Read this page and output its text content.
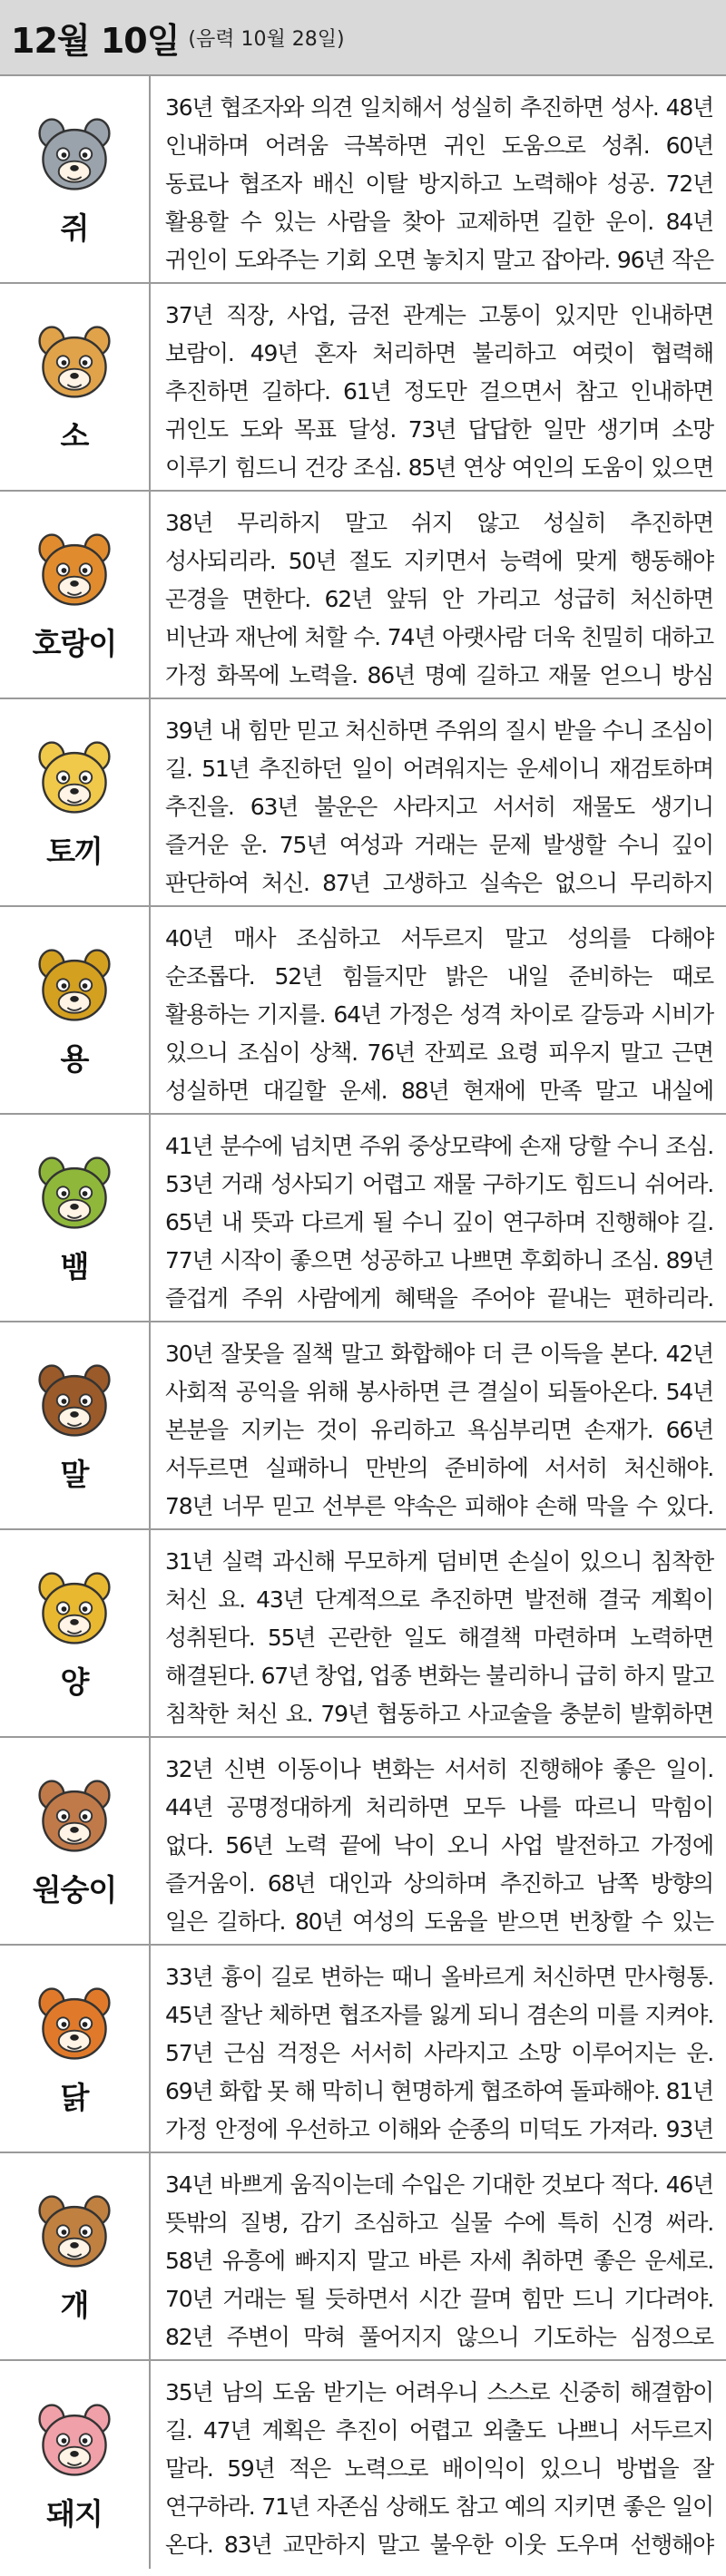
12월 10일 (음력 10월 28일)
쥐
36년 협조자와 의견 일치해서 성실히 추진하면 성사. 48년 인내하며 어려움 극복하면 귀인 도움으로 성취. 60년 동료나 협조자 배신 이탈 방지하고 노력해야 성공. 72년 활용할 수 있는 사람을 찾아 교제하면 길한 운이. 84년 귀인이 도와주는 기회 오면 놓치지 말고 잡아라. 96년 작은
소
37년 직장, 사업, 금전 관계는 고통이 있지만 인내하면 보람이. 49년 혼자 처리하면 불리하고 여럿이 협력해 추진하면 길하다. 61년 정도만 걸으면서 참고 인내하면 귀인도 도와 목표 달성. 73년 답답한 일만 생기며 소망 이루기 힘드니 건강 조심. 85년 연상 여인의 도움이 있으면
호랑이
38년 무리하지 말고 쉬지 않고 성실히 추진하면 성사되리라. 50년 절도 지키면서 능력에 맞게 행동해야 곤경을 면한다. 62년 앞뒤 안 가리고 성급히 처신하면 비난과 재난에 처할 수. 74년 아랫사람 더욱 친밀히 대하고 가정 화목에 노력을. 86년 명예 길하고 재물 얻으니 방심
토끼
39년 내 힘만 믿고 처신하면 주위의 질시 받을 수니 조심이 길. 51년 추진하던 일이 어려워지는 운세이니 재검토하며 추진을. 63년 불운은 사라지고 서서히 재물도 생기니 즐거운 운. 75년 여성과 거래는 문제 발생할 수니 깊이 판단하여 처신. 87년 고생하고 실속은 없으니 무리하지
용
40년 매사 조심하고 서두르지 말고 성의를 다해야 순조롭다. 52년 힘들지만 밝은 내일 준비하는 때로 활용하는 기지를. 64년 가정은 성격 차이로 갈등과 시비가 있으니 조심이 상책. 76년 잔꾀로 요령 피우지 말고 근면 성실하면 대길할 운세. 88년 현재에 만족 말고 내실에
뱀
41년 분수에 넘치면 주위 중상모략에 손재 당할 수니 조심. 53년 거래 성사되기 어렵고 재물 구하기도 힘드니 쉬어라. 65년 내 뜻과 다르게 될 수니 깊이 연구하며 진행해야 길. 77년 시작이 좋으면 성공하고 나쁘면 후회하니 조심. 89년 즐겁게 주위 사람에게 혜택을 주어야 끝내는 편하리라.
말
30년 잘못을 질책 말고 화합해야 더 큰 이득을 본다. 42년 사회적 공익을 위해 봉사하면 큰 결실이 되돌아온다. 54년 본분을 지키는 것이 유리하고 욕심부리면 손재가. 66년 서두르면 실패하니 만반의 준비하에 서서히 처신해야. 78년 너무 믿고 선부른 약속은 피해야 손해 막을 수 있다.
양
31년 실력 과신해 무모하게 덤비면 손실이 있으니 침착한 처신 요. 43년 단계적으로 추진하면 발전해 결국 계획이 성취된다. 55년 곤란한 일도 해결책 마련하며 노력하면 해결된다. 67년 창업, 업종 변화는 불리하니 급히 하지 말고 침착한 처신 요. 79년 협동하고 사교술을 충분히 발휘하면
원숭이
32년 신변 이동이나 변화는 서서히 진행해야 좋은 일이. 44년 공명정대하게 처리하면 모두 나를 따르니 막힘이 없다. 56년 노력 끝에 낙이 오니 사업 발전하고 가정에 즐거움이. 68년 대인과 상의하며 추진하고 남쪽 방향의 일은 길하다. 80년 여성의 도움을 받으면 번창할 수 있는
닭
33년 흉이 길로 변하는 때니 올바르게 처신하면 만사형통. 45년 잘난 체하면 협조자를 잃게 되니 겸손의 미를 지켜야. 57년 근심 걱정은 서서히 사라지고 소망 이루어지는 운. 69년 화합 못 해 막히니 현명하게 협조하여 돌파해야. 81년 가정 안정에 우선하고 이해와 순종의 미덕도 가져라. 93년
개
34년 바쁘게 움직이는데 수입은 기대한 것보다 적다. 46년 뜻밖의 질병, 감기 조심하고 실물 수에 특히 신경 써라. 58년 유흥에 빠지지 말고 바른 자세 취하면 좋은 운세로. 70년 거래는 될 듯하면서 시간 끌며 힘만 드니 기다려야. 82년 주변이 막혀 풀어지지 않으니 기도하는 심정으로
돼지
35년 남의 도움 받기는 어려우니 스스로 신중히 해결함이 길. 47년 계획은 추진이 어렵고 외출도 나쁘니 서두르지 말라. 59년 적은 노력으로 배이익이 있으니 방법을 잘 연구하라. 71년 자존심 상해도 참고 예의 지키면 좋은 일이 온다. 83년 교만하지 말고 불우한 이웃 도우며 선행해야
